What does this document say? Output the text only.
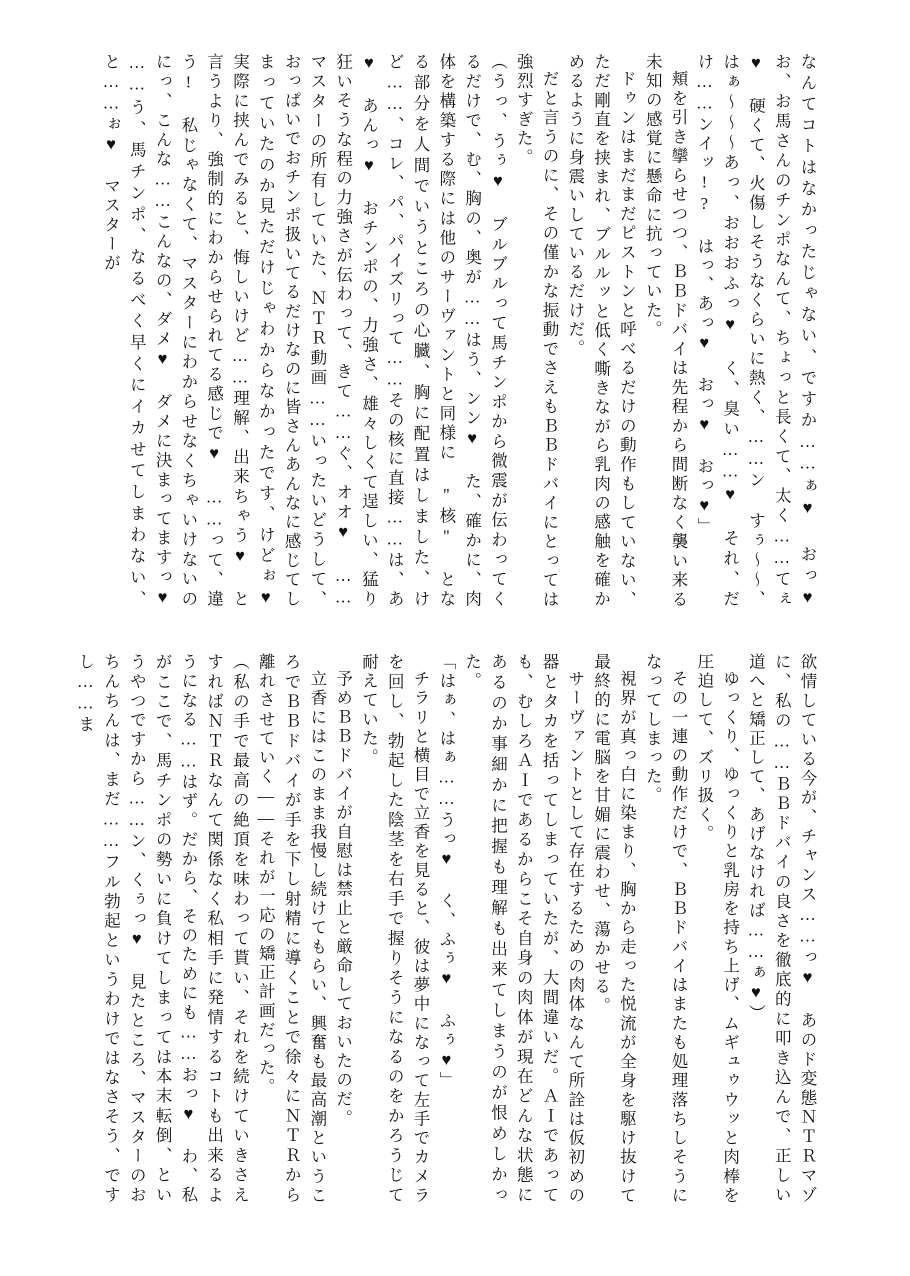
なんてコトはなかったじゃない、ですか……ぁ♥ おっ♥ お、お馬さんのチンポなんて、ちょっと長くて、太く……てぇ♥ 硬くて、火傷しそうなくらいに熱く、……ン すぅ～～、はぁ～～～あっ、おおおふっ♥ く、臭い……♥ それ、だけ……ンイッ!? はっ、あっ♥ おっ♥ おっ♥」

頬を引き攣らせつつ、ＢＢドバイは先程から間断なく襲い来る未知の感覚に懸命に抗っていた。

ドゥンはまだまだピストンと呼べるだけの動作もしていない、ただ剛直を挟まれ、ブルルッと低く嘶きながら乳肉の感触を確かめるように身震いしているだけだ。

だと言うのに、その僅かな振動でさえもＢＢドバイにとっては強烈すぎた。

（うっ、うぅ♥ ブルブルって馬チンポから微震が伝わってくるだけで、む、胸の、奥が……はう、ンン♥ た、確かに、肉体を構築する際には他のサーヴァントと同様に "核" となる部分を人間でいうところの心臓、胸に配置はしました、けど……、コレ、パ、パイズリって……その核に直接……は、あ♥ あんっ♥ おチンポの、力強さ、雄々しくて逞しい、猛り狂いそうな程の力強さが伝わって、きて……ぐ、オオ♥ ……マスターの所有していた、ＮＴＲ動画……いったいどうして、おっぱいでおチンポ扱いてるだけなのに皆さんあんなに感じてしまっていたのか見ただけじゃわからなかったです、けどぉ♥ 実際に挟んでみると、悔しいけど……理解、出来ちゃう♥ と言うより、強制的にわからせられてる感じで♥ ……って、違う! 私じゃなくて、マスターにわからせなくちゃいけないのにっ、こんな……こんなの、ダメ♥ ダメに決まってますっ♥ ……う、馬チンポ、なるべく早くにイカせてしまわない、と……ぉ♥ マスターが

欲情している今が、チャンス……っ♥ あのド変態ＮＴＲマゾに、私の……ＢＢドバイの良さを徹底的に叩き込んで、正しい道へと矯正して、あげなければ……ぁ♥）

ゆっくり、ゆっくりと乳房を持ち上げ、ムギュゥウッと肉棒を圧迫して、ズリ扱く。

その一連の動作だけで、ＢＢドバイはまたも処理落ちしそうになってしまった。

視界が真っ白に染まり、胸から走った悦流が全身を駆け抜けて最終的に電脳を甘媚に震わせ、蕩かせる。

サーヴァントとして存在するための肉体なんて所詮は仮初めの器とタカを括ってしまっていたが、大間違いだ。ＡＩであっても、むしろＡＩであるからこそ自身の肉体が現在どんな状態にあるのか事細かに把握も理解も出来てしまうのが恨めしかった。

「はぁ、はぁ……うっ♥ く、ふぅ♥ ふぅ♥」

チラリと横目で立香を見ると、彼は夢中になって左手でカメラを回し、勃起した陰茎を右手で握りそうになるのをかろうじて耐えていた。

予めＢＢドバイが自慰は禁止と厳命しておいたのだ。

立香にはこのまま我慢し続けてもらい、興奮も最高潮というころでＢＢドバイが手を下し射精に導くことで徐々にＮＴＲから離れさせていく――それが一応の矯正計画だった。

（私の手で最高の絶頂を味わって貰い、それを続けていきさえすればＮＴＲなんて関係なく私相手に発情するコトも出来るようになる……はず。だから、そのためにも……おっ♥ わ、私がここで、馬チンポの勢いに負けてしまっては本末転倒、というやつですから……ン、くぅっ♥ 見たところ、マスターのおちんちんは、まだ……フル勃起というわけではなさそう、ですし……ま
